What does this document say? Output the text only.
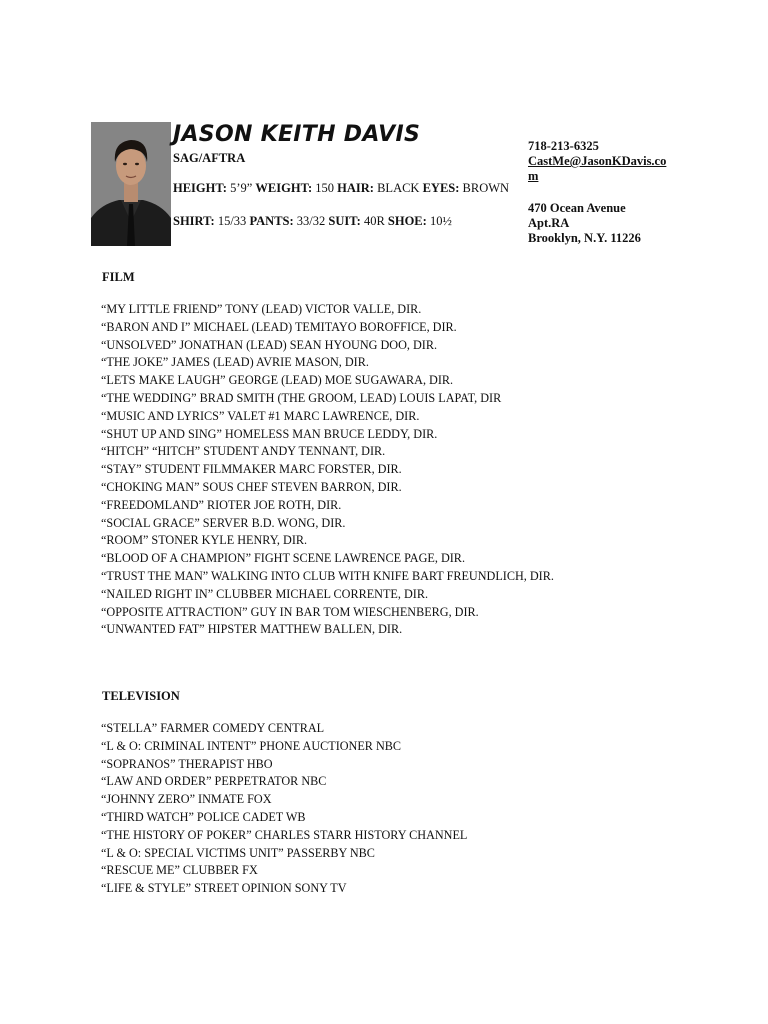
JASON KEITH DAVIS
SAG/AFTRA
HEIGHT: 5’9” WEIGHT: 150 HAIR: BLACK EYES: BROWN
SHIRT: 15/33 PANTS: 33/32 SUIT: 40R SHOE: 10½
718-213-6325
CastMe@JasonKDavis.com
470 Ocean Avenue
Apt.RA
Brooklyn, N.Y. 11226
FILM
“MY LITTLE FRIEND” TONY (LEAD) VICTOR VALLE, DIR.
“BARON AND I” MICHAEL (LEAD) TEMITAYO BOROFFICE, DIR.
“UNSOLVED” JONATHAN (LEAD) SEAN HYOUNG DOO, DIR.
“THE JOKE” JAMES (LEAD) AVRIE MASON, DIR.
“LETS MAKE LAUGH” GEORGE (LEAD) MOE SUGAWARA, DIR.
“THE WEDDING” BRAD SMITH (THE GROOM, LEAD) LOUIS LAPAT, DIR
“MUSIC AND LYRICS” VALET #1 MARC LAWRENCE, DIR.
“SHUT UP AND SING” HOMELESS MAN BRUCE LEDDY, DIR.
“HITCH” “HITCH” STUDENT ANDY TENNANT, DIR.
“STAY” STUDENT FILMMAKER MARC FORSTER, DIR.
“CHOKING MAN” SOUS CHEF STEVEN BARRON, DIR.
“FREEDOMLAND” RIOTER JOE ROTH, DIR.
“SOCIAL GRACE” SERVER B.D. WONG, DIR.
“ROOM” STONER KYLE HENRY, DIR.
“BLOOD OF A CHAMPION” FIGHT SCENE LAWRENCE PAGE, DIR.
“TRUST THE MAN” WALKING INTO CLUB WITH KNIFE BART FREUNDLICH, DIR.
“NAILED RIGHT IN” CLUBBER MICHAEL CORRENTE, DIR.
“OPPOSITE ATTRACTION” GUY IN BAR TOM WIESCHENBERG, DIR.
“UNWANTED FAT” HIPSTER MATTHEW BALLEN, DIR.
TELEVISION
“STELLA” FARMER COMEDY CENTRAL
“L & O: CRIMINAL INTENT” PHONE AUCTIONER NBC
“SOPRANOS” THERAPIST HBO
“LAW AND ORDER” PERPETRATOR NBC
“JOHNNY ZERO” INMATE FOX
“THIRD WATCH” POLICE CADET WB
“THE HISTORY OF POKER” CHARLES STARR HISTORY CHANNEL
“L & O: SPECIAL VICTIMS UNIT” PASSERBY NBC
“RESCUE ME” CLUBBER FX
“LIFE & STYLE” STREET OPINION SONY TV
